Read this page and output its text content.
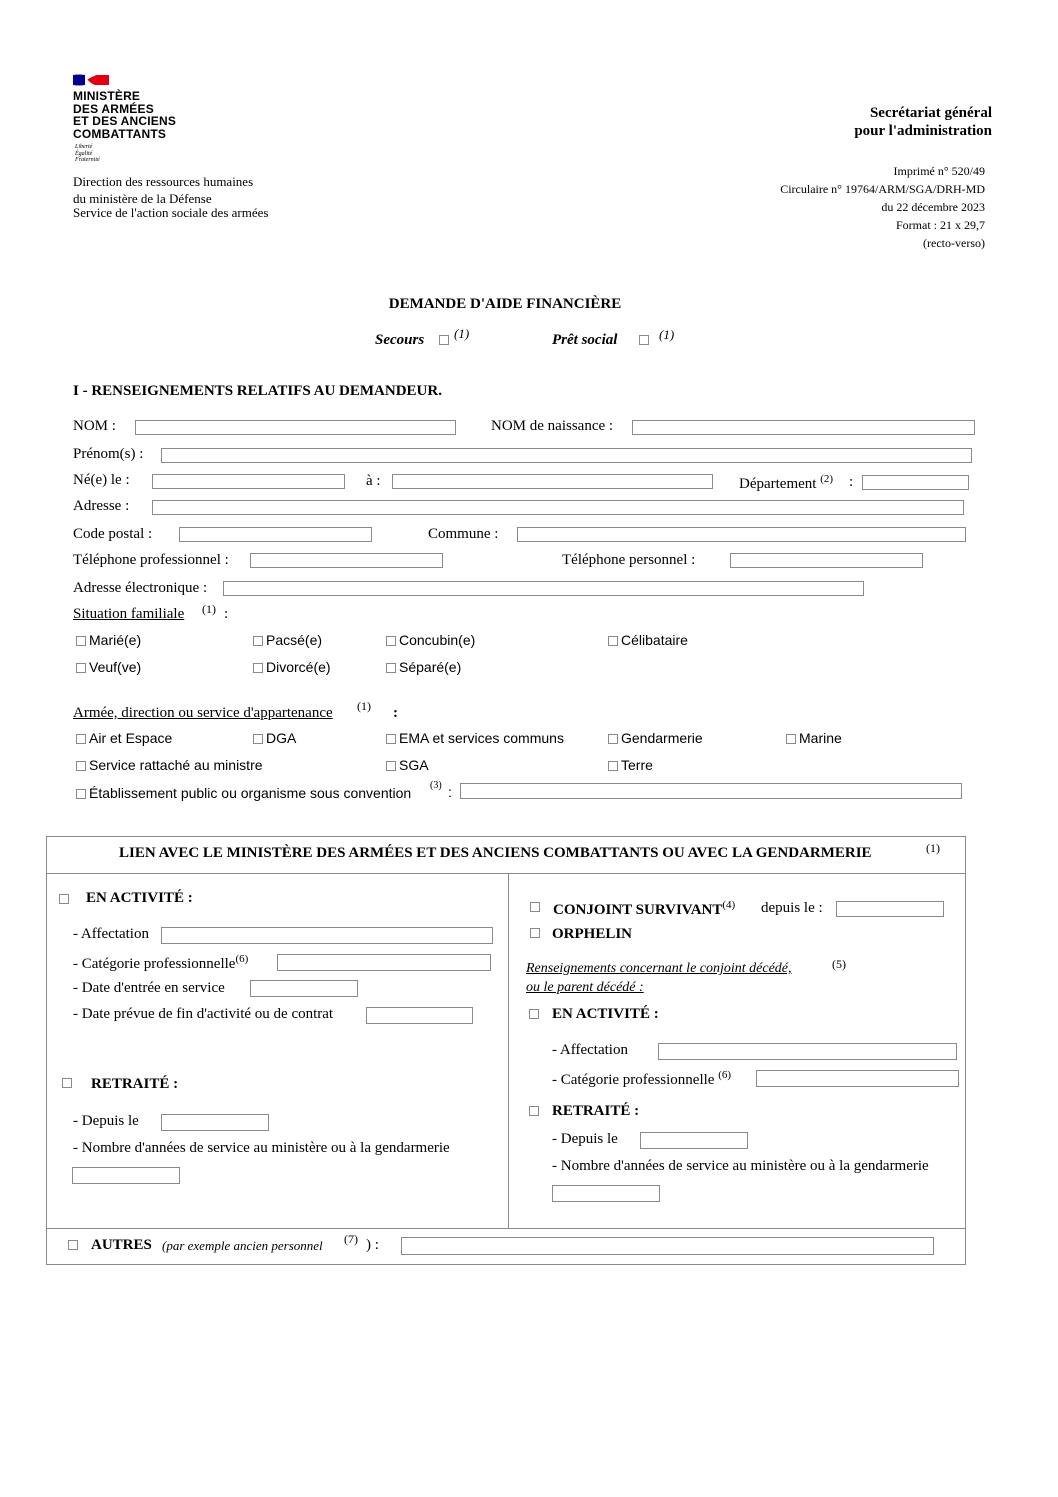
MINISTÈRE
DES ARMÉES
ET DES ANCIENS
COMBATTANTS
Liberté
Égalité
Fraternité
Direction des ressources humaines
du ministère de la Défense
Service de l'action sociale des armées
Secrétariat général
pour l'administration
Imprimé n° 520/49
Circulaire n° 19764/ARM/SGA/DRH-MD
du 22 décembre 2023
Format : 21 x 29,7
(recto-verso)
DEMANDE D'AIDE FINANCIÈRE
Secours (1)	Prêt social	(1)
I - RENSEIGNEMENTS RELATIFS AU DEMANDEUR.
NOM :	NOM de naissance :
Prénom(s) :
Né(e) le :	à :	Département $^{(2)}$ :
Adresse :
Code postal :	Commune :
Téléphone professionnel :	Téléphone personnel :
Adresse électronique :
Situation familiale (1) :
Marié(e)	Pacsé(e)	Concubin(e)	Célibataire
Veuf(ve)	Divorcé(e)	Séparé(e)
Armée, direction ou service d'appartenance (1) :
Air et Espace	DGA	EMA et services communs	Gendarmerie	Marine
Service rattaché au ministre	SGA	Terre
Établissement public ou organisme sous convention (3) :
LIEN AVEC LE MINISTÈRE DES ARMÉES ET DES ANCIENS COMBATTANTS OU AVEC LA GENDARMERIE	(1)
EN ACTIVITÉ :
- Affectation
- Catégorie professionnelle$^{(6)}$
- Date d'entrée en service
- Date prévue de fin d'activité ou de contrat
RETRAITÉ :
- Depuis le
- Nombre d'années de service au ministère ou à la gendarmerie
CONJOINT SURVIVANT$^{(4)}$ depuis le :
ORPHELIN
Renseignements concernant le conjoint décédé,	(5)
ou le parent décédé :
EN ACTIVITÉ :
- Affectation
- Catégorie professionnelle $^{(6)}$
RETRAITÉ :
- Depuis le
- Nombre d'années de service au ministère ou à la gendarmerie
AUTRES (par exemple ancien personnel (7) ) :
